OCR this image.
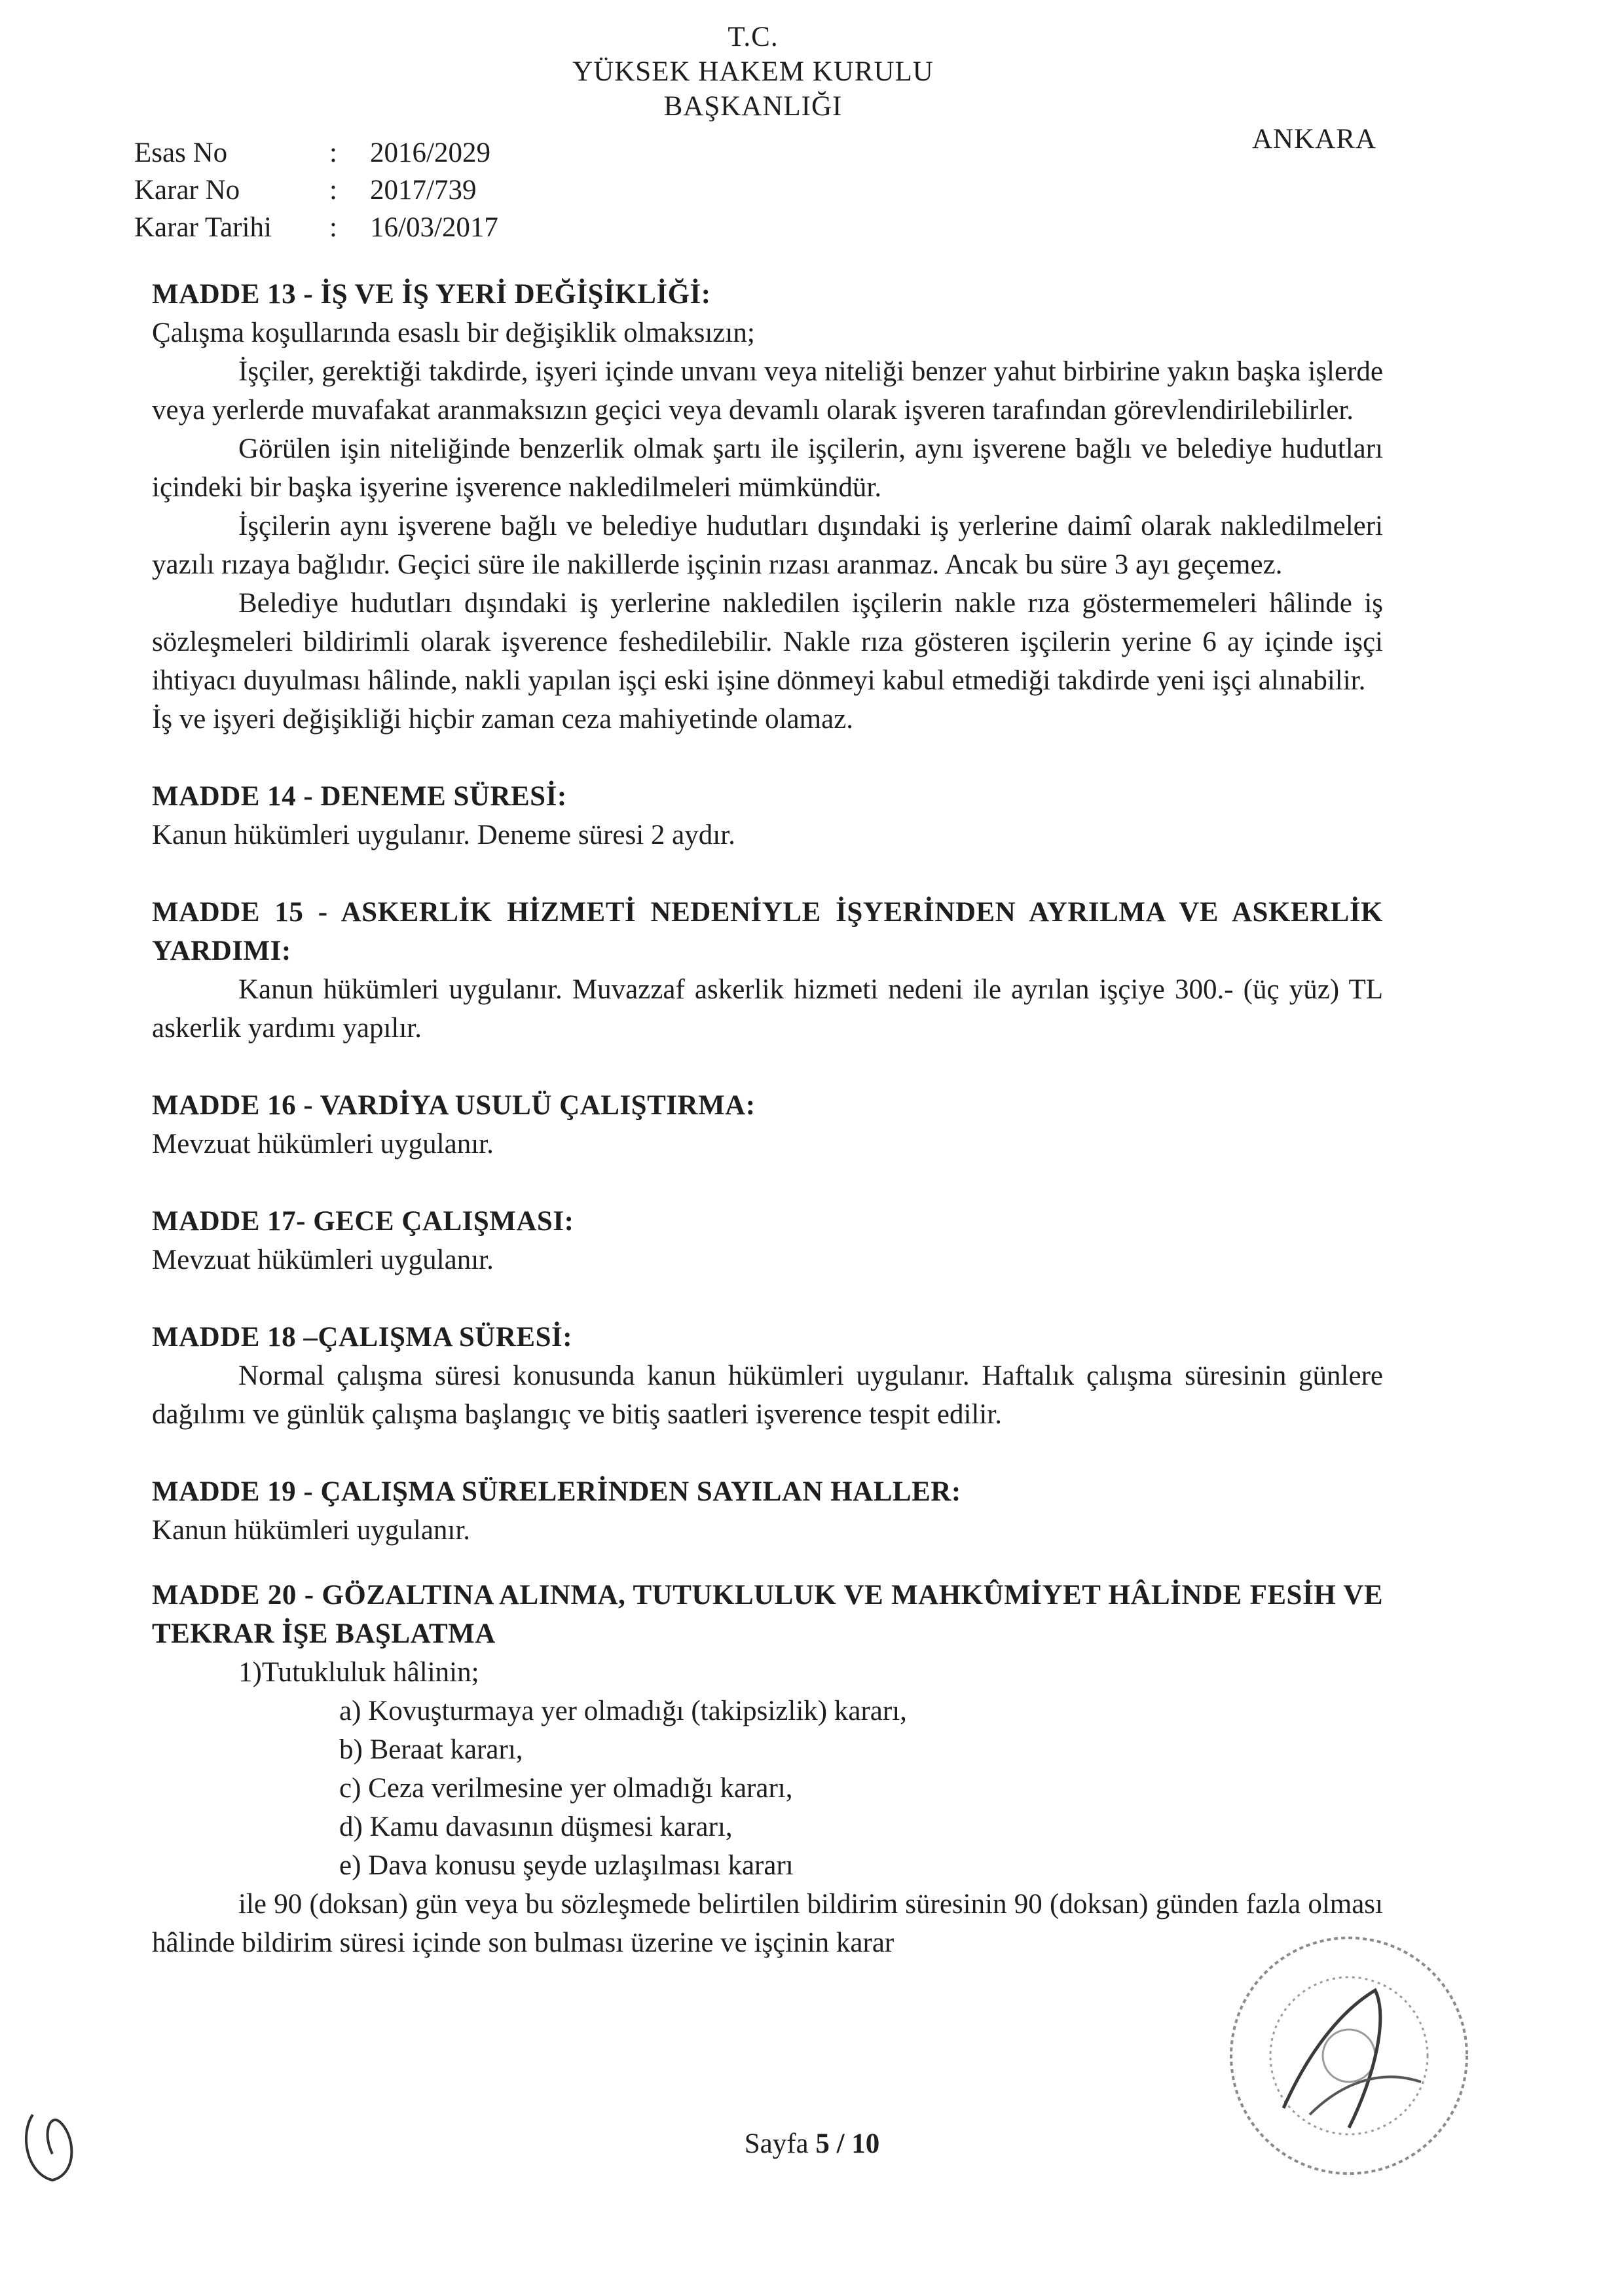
T.C.
YÜKSEK HAKEM KURULU
BAŞKANLIĞI
ANKARA
Esas No	:	2016/2029
Karar No	:	2017/739
Karar Tarihi	:	16/03/2017
MADDE 13 - İŞ VE İŞ YERİ DEĞİŞİKLİĞİ:

Çalışma koşullarında esaslı bir değişiklik olmaksızın;

İşçiler, gerektiği takdirde, işyeri içinde unvanı veya niteliği benzer yahut birbirine yakın başka işlerde veya yerlerde muvafakat aranmaksızın geçici veya devamlı olarak işveren tarafından görevlendirilebilirler.

Görülen işin niteliğinde benzerlik olmak şartı ile işçilerin, aynı işverene bağlı ve belediye hudutları içindeki bir başka işyerine işverence nakledilmeleri mümkündür.

İşçilerin aynı işverene bağlı ve belediye hudutları dışındaki iş yerlerine daimî olarak nakledilmeleri yazılı rızaya bağlıdır. Geçici süre ile nakillerde işçinin rızası aranmaz. Ancak bu süre 3 ayı geçemez.

Belediye hudutları dışındaki iş yerlerine nakledilen işçilerin nakle rıza göstermemeleri hâlinde iş sözleşmeleri bildirimli olarak işverence feshedilebilir. Nakle rıza gösteren işçilerin yerine 6 ay içinde işçi ihtiyacı duyulması hâlinde, nakli yapılan işçi eski işine dönmeyi kabul etmediği takdirde yeni işçi alınabilir.

İş ve işyeri değişikliği hiçbir zaman ceza mahiyetinde olamaz.

MADDE 14 - DENEME SÜRESİ:

Kanun hükümleri uygulanır. Deneme süresi 2 aydır.

MADDE 15 - ASKERLİK HİZMETİ NEDENİYLE İŞYERİNDEN AYRILMA VE ASKERLİK YARDIMI:

Kanun hükümleri uygulanır. Muvazzaf askerlik hizmeti nedeni ile ayrılan işçiye 300.- (üç yüz) TL askerlik yardımı yapılır.

MADDE 16 - VARDİYA USULÜ ÇALIŞTIRMA:

Mevzuat hükümleri uygulanır.

MADDE 17- GECE ÇALIŞMASI:

Mevzuat hükümleri uygulanır.

MADDE 18 –ÇALIŞMA SÜRESİ:

Normal çalışma süresi konusunda kanun hükümleri uygulanır. Haftalık çalışma süresinin günlere dağılımı ve günlük çalışma başlangıç ve bitiş saatleri işverence tespit edilir.

MADDE 19 - ÇALIŞMA SÜRELERİNDEN SAYILAN HALLER:

Kanun hükümleri uygulanır.

MADDE 20 - GÖZALTINA ALINMA, TUTUKLULUK VE MAHKÛMİYET HÂLİNDE FESİH VE TEKRAR İŞE BAŞLATMA

1)Tutukluluk hâlinin;

a) Kovuşturmaya yer olmadığı (takipsizlik) kararı,
b) Beraat kararı,
c) Ceza verilmesine yer olmadığı kararı,
d) Kamu davasının düşmesi kararı,
e) Dava konusu şeyde uzlaşılması kararı

ile 90 (doksan) gün veya bu sözleşmede belirtilen bildirim süresinin 90 (doksan) günden fazla olması hâlinde bildirim süresi içinde son bulması üzerine ve işçinin karar

Sayfa 5 / 10
